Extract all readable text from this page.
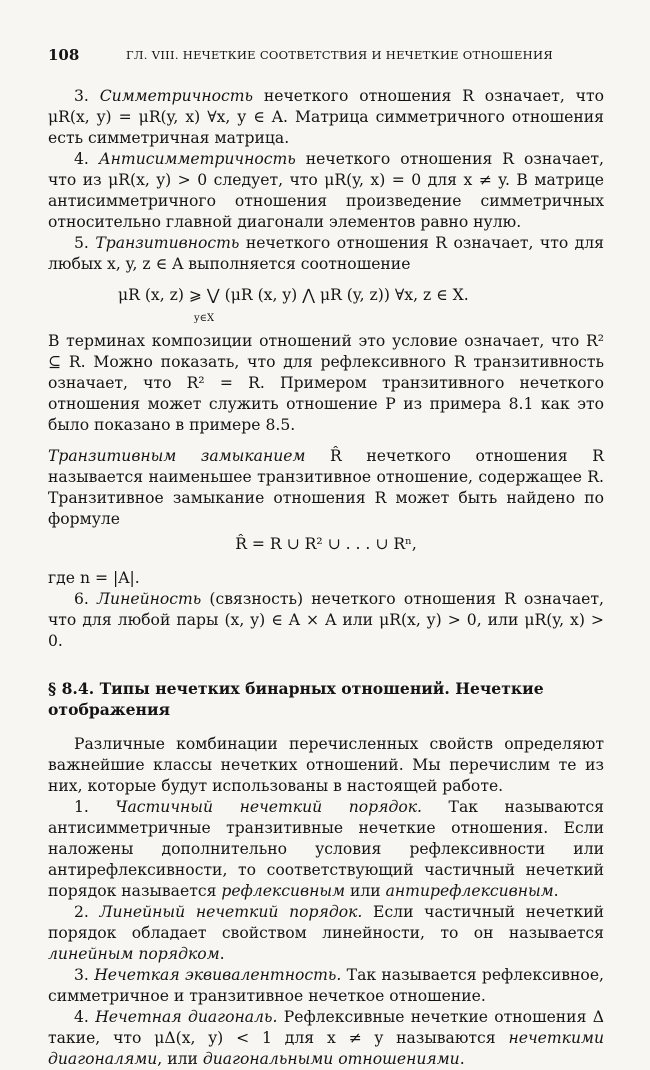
108	ГЛ. VIII. НЕЧЕТКИЕ СООТВЕТСТВИЯ И НЕЧЕТКИЕ ОТНОШЕНИЯ

3. Симметричность нечеткого отношения R означает, что μR(x, y) = μR(y, x) ∀x, y ∈ A. Матрица симметричного отношения есть симметричная матрица.

4. Антисимметричность нечеткого отношения R означает, что из μR(x, y) > 0 следует, что μR(y, x) = 0 для x ≠ y. В матрице антисимметричного отношения произведение симметричных относительно главной диагонали элементов равно нулю.

5. Транзитивность нечеткого отношения R означает, что для любых x, y, z ∈ A выполняется соотношение

μR (x, z) ⩾ ⋁ (μR (x, y) ⋀ μR (y, z)) ∀x, z ∈ X.
y∈X

В терминах композиции отношений это условие означает, что R² ⊆ R. Можно показать, что для рефлексивного R транзитивность означает, что R² = R. Примером транзитивного нечеткого отношения может служить отношение P из примера 8.1 как это было показано в примере 8.5.

Транзитивным замыканием R̂ нечеткого отношения R называется наименьшее транзитивное отношение, содержащее R. Транзитивное замыкание отношения R может быть найдено по формуле

R̂ = R ∪ R² ∪ . . . ∪ Rⁿ,

где n = |A|.

6. Линейность (связность) нечеткого отношения R означает, что для любой пары (x, y) ∈ A × A или μR(x, y) > 0, или μR(y, x) > 0.

§ 8.4. Типы нечетких бинарных отношений. Нечеткие отображения

Различные комбинации перечисленных свойств определяют важнейшие классы нечетких отношений. Мы перечислим те из них, которые будут использованы в настоящей работе.

1. Частичный нечеткий порядок. Так называются антисимметричные транзитивные нечеткие отношения. Если наложены дополнительно условия рефлексивности или антирефлексивности, то соответствующий частичный нечеткий порядок называется рефлексивным или антирефлексивным.

2. Линейный нечеткий порядок. Если частичный нечеткий порядок обладает свойством линейности, то он называется линейным порядком.

3. Нечеткая эквивалентность. Так называется рефлексивное, симметричное и транзитивное нечеткое отношение.

4. Нечетная диагональ. Рефлексивные нечеткие отношения Δ такие, что μΔ(x, y) < 1 для x ≠ y называются нечеткими диагоналями, или диагональными отношениями.
